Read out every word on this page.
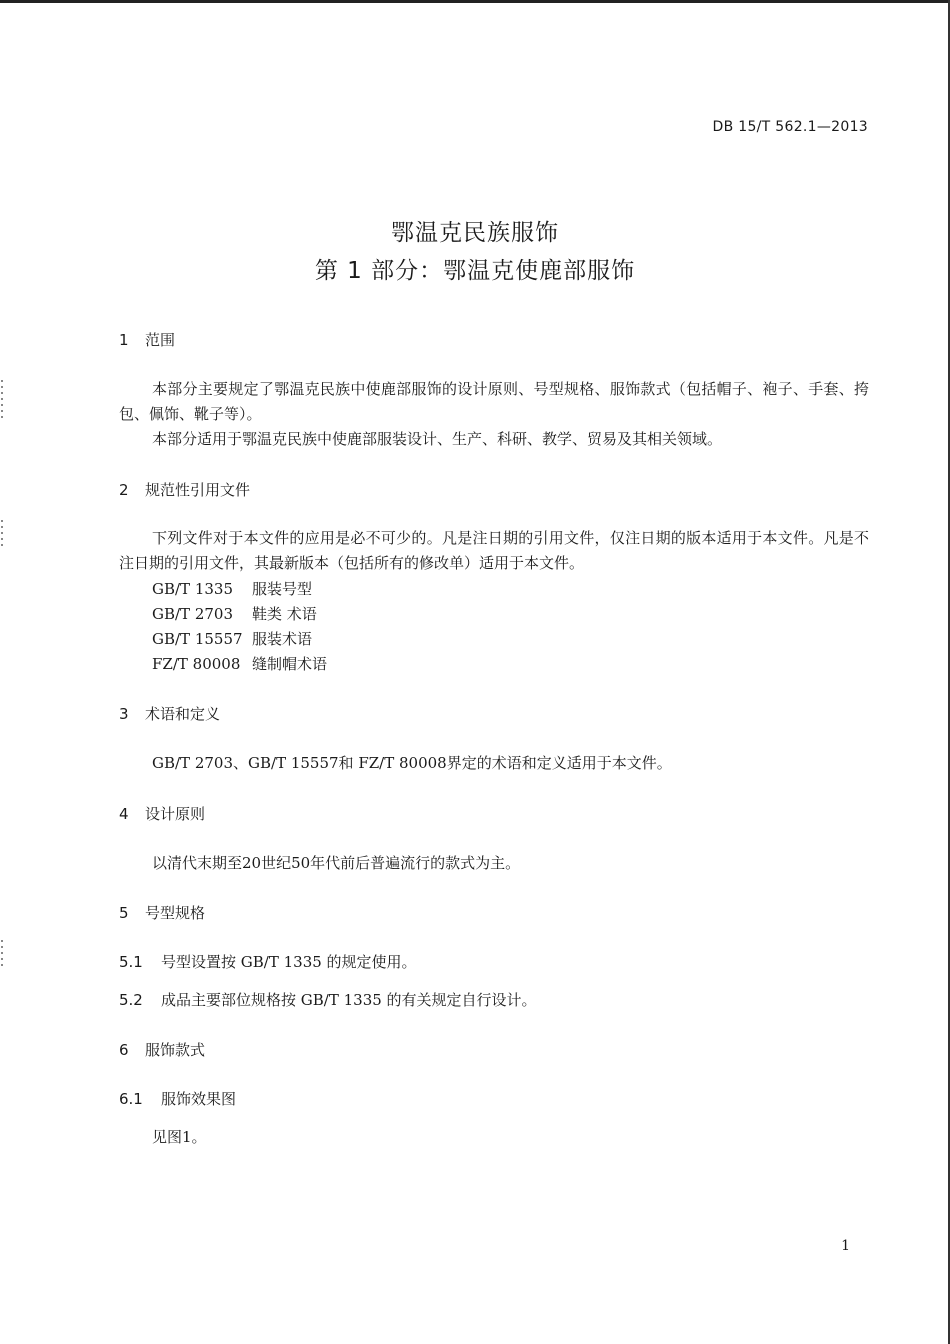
DB 15/T 562.1—2013
鄂温克民族服饰
第 1 部分：鄂温克使鹿部服饰
1 范围
本部分主要规定了鄂温克民族中使鹿部服饰的设计原则、号型规格、服饰款式（包括帽子、袍子、手套、挎包、佩饰、靴子等）。
本部分适用于鄂温克民族中使鹿部服装设计、生产、科研、教学、贸易及其相关领域。
2 规范性引用文件
下列文件对于本文件的应用是必不可少的。凡是注日期的引用文件，仅注日期的版本适用于本文件。凡是不注日期的引用文件，其最新版本（包括所有的修改单）适用于本文件。
GB/T 1335 服装号型
GB/T 2703 鞋类 术语
GB/T 15557 服装术语
FZ/T 80008 缝制帽术语
3 术语和定义
GB/T 2703、GB/T 15557和 FZ/T 80008界定的术语和定义适用于本文件。
4 设计原则
以清代末期至20世纪50年代前后普遍流行的款式为主。
5 号型规格
5.1 号型设置按 GB/T 1335 的规定使用。
5.2 成品主要部位规格按 GB/T 1335 的有关规定自行设计。
6 服饰款式
6.1 服饰效果图
见图1。
1
